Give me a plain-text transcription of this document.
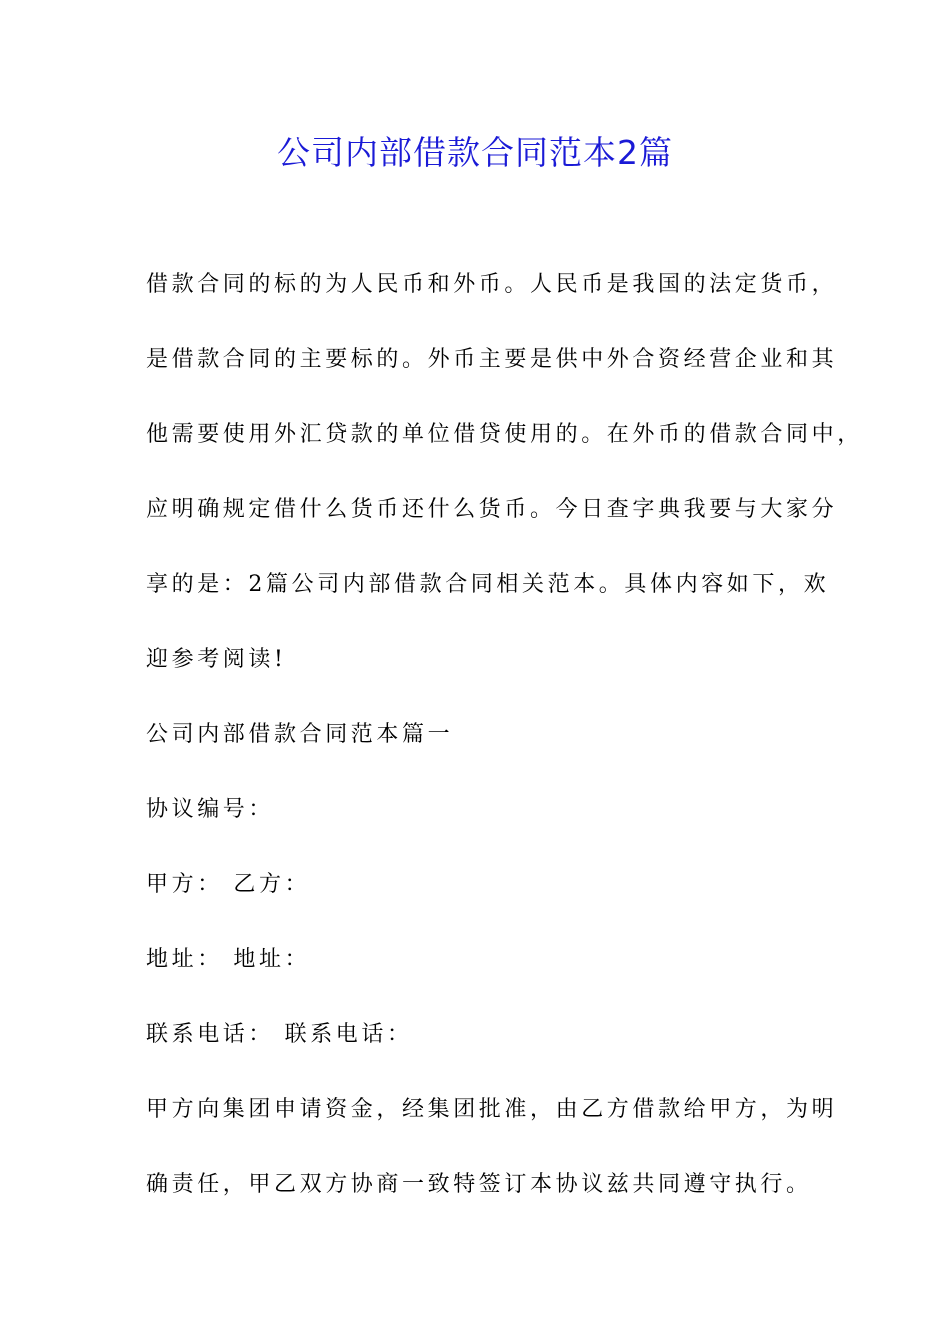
公司内部借款合同范本2篇
借款合同的标的为人民币和外币。人民币是我国的法定货币，
是借款合同的主要标的。外币主要是供中外合资经营企业和其
他需要使用外汇贷款的单位借贷使用的。在外币的借款合同中，
应明确规定借什么货币还什么货币。今日查字典我要与大家分
享的是：2篇公司内部借款合同相关范本。具体内容如下，欢
迎参考阅读!
公司内部借款合同范本篇一
协议编号：
甲方： 乙方：
地址： 地址：
联系电话： 联系电话：
甲方向集团申请资金，经集团批准，由乙方借款给甲方，为明
确责任，甲乙双方协商一致特签订本协议兹共同遵守执行。
